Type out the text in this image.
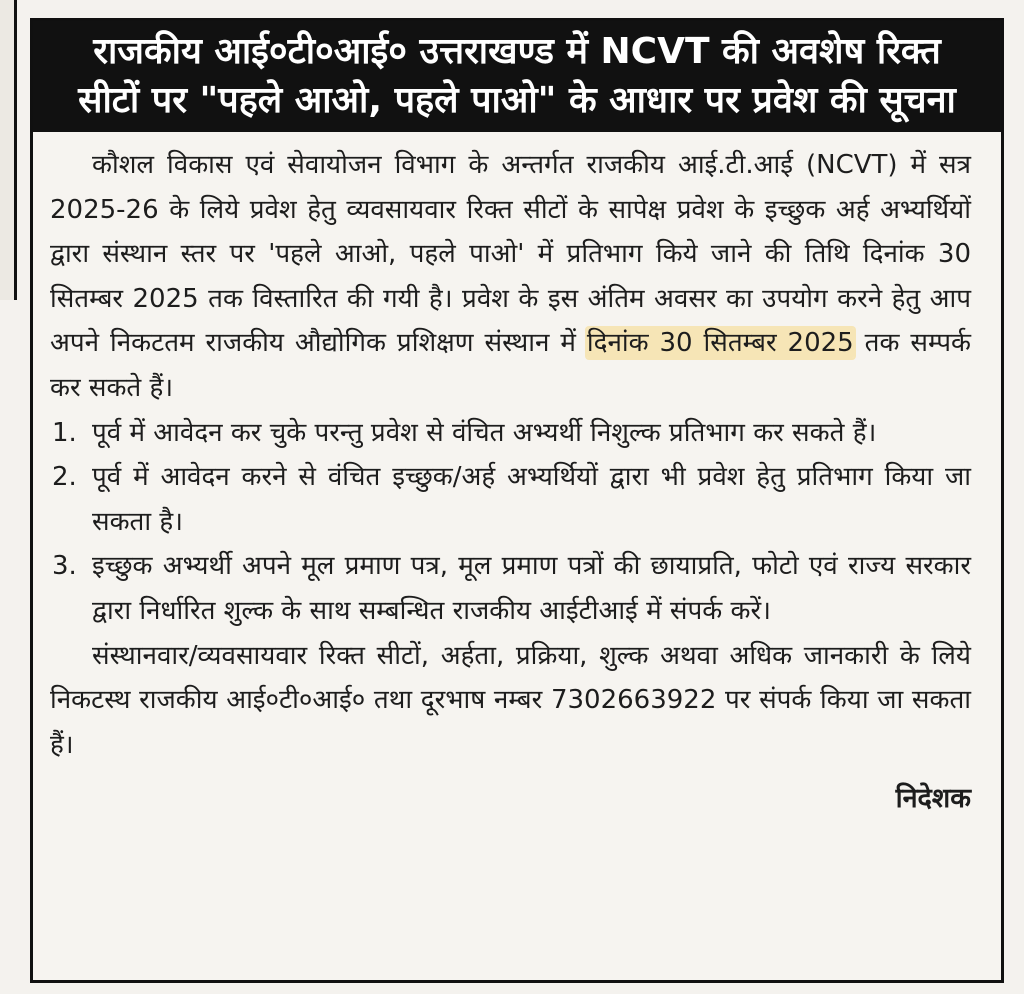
राजकीय आई०टी०आई० उत्तराखण्ड में NCVT की अवशेष रिक्त
सीटों पर "पहले आओ, पहले पाओ" के आधार पर प्रवेश की सूचना

कौशल विकास एवं सेवायोजन विभाग के अन्तर्गत राजकीय आई.टी.आई (NCVT) में सत्र 2025-26 के लिये प्रवेश हेतु व्यवसायवार रिक्त सीटों के सापेक्ष प्रवेश के इच्छुक अर्ह अभ्यर्थियों द्वारा संस्थान स्तर पर 'पहले आओ, पहले पाओ' में प्रतिभाग किये जाने की तिथि दिनांक 30 सितम्बर 2025 तक विस्तारित की गयी है। प्रवेश के इस अंतिम अवसर का उपयोग करने हेतु आप अपने निकटतम राजकीय औद्योगिक प्रशिक्षण संस्थान में दिनांक 30 सितम्बर 2025 तक सम्पर्क कर सकते हैं।

1. पूर्व में आवेदन कर चुके परन्तु प्रवेश से वंचित अभ्यर्थी निशुल्क प्रतिभाग कर सकते हैं।
2. पूर्व में आवेदन करने से वंचित इच्छुक/अर्ह अभ्यर्थियों द्वारा भी प्रवेश हेतु प्रतिभाग किया जा सकता है।
3. इच्छुक अभ्यर्थी अपने मूल प्रमाण पत्र, मूल प्रमाण पत्रों की छायाप्रति, फोटो एवं राज्य सरकार द्वारा निर्धारित शुल्क के साथ सम्बन्धित राजकीय आईटीआई में संपर्क करें।

संस्थानवार/व्यवसायवार रिक्त सीटों, अर्हता, प्रक्रिया, शुल्क अथवा अधिक जानकारी के लिये निकटस्थ राजकीय आई०टी०आई० तथा दूरभाष नम्बर 7302663922 पर संपर्क किया जा सकता हैं।

निदेशक
